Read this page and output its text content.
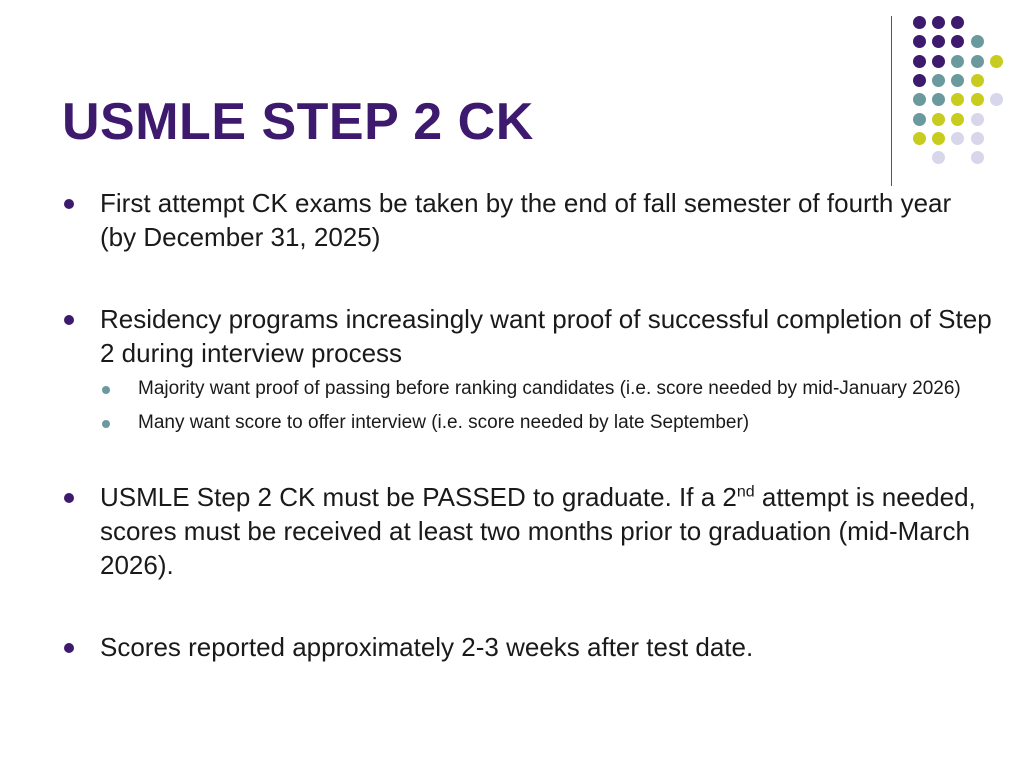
USMLE STEP 2 CK
First attempt CK exams be taken by the end of fall semester of fourth year (by December 31, 2025)
Residency programs increasingly want proof of successful completion of Step 2 during interview process
Majority want proof of passing before ranking candidates (i.e. score needed by mid-January 2026)
Many want score to offer interview (i.e. score needed by late September)
USMLE Step 2 CK must be PASSED to graduate. If a 2nd attempt is needed, scores must be received at least two months prior to graduation (mid-March 2026).
Scores reported approximately 2-3 weeks after test date.
